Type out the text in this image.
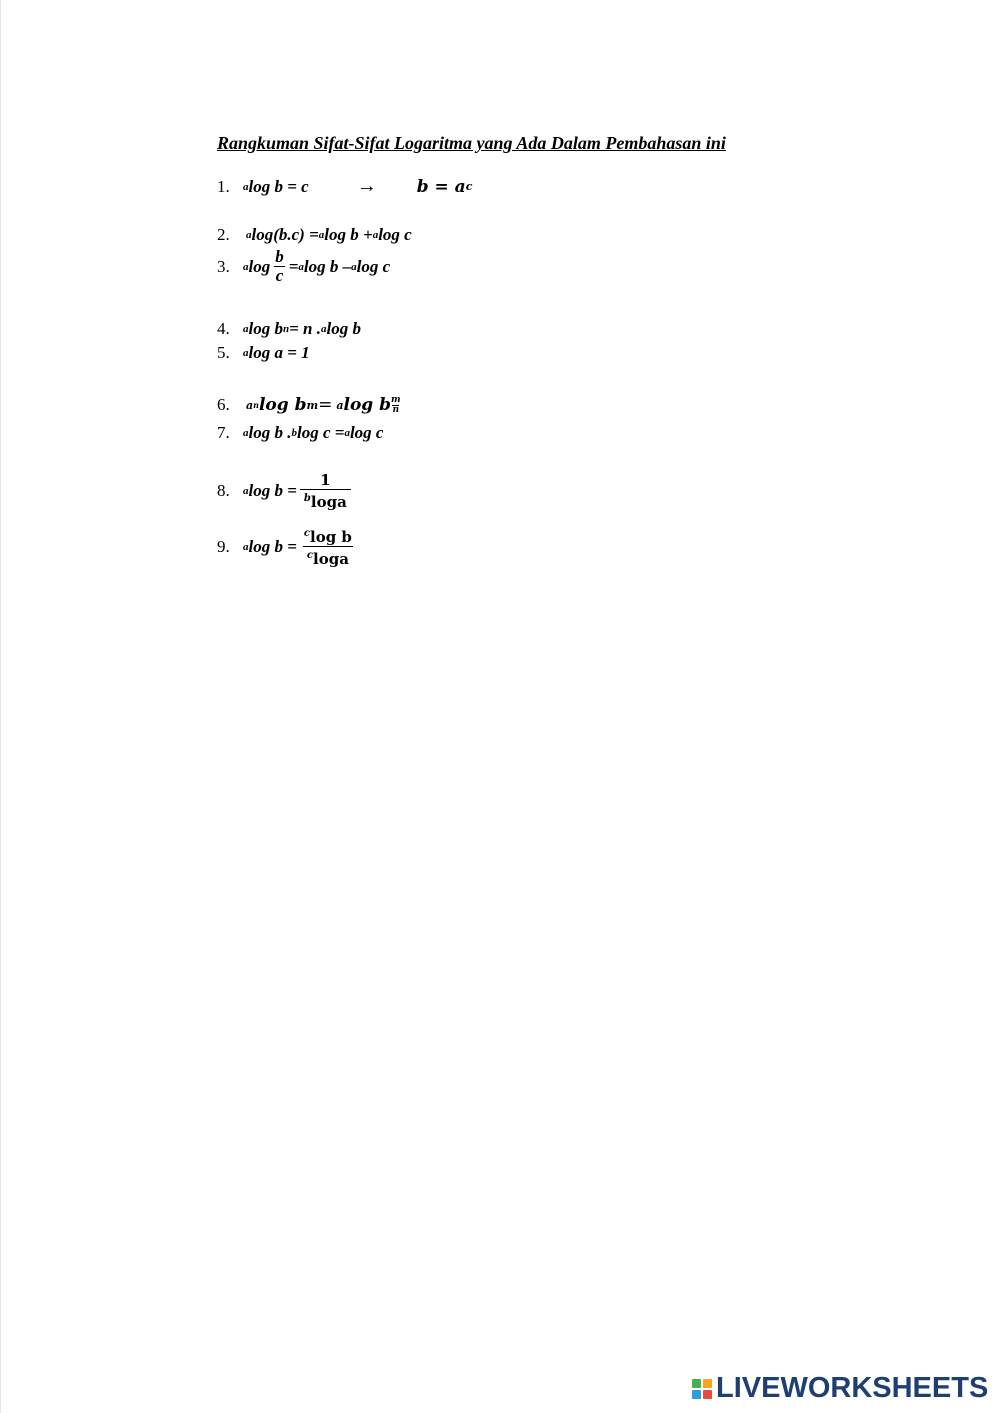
Rangkuman Sifat-Sifat Logaritma yang Ada Dalam Pembahasan ini
1.	a log b = c → b = a c
2.	a log(b.c) = a log b + a log c
3.	a $\log \frac{b}{c} = a$ log b – a log c
4.	a log b n = n . a log b
5.	a log a = 1
6.	a n log b m = a log b $\frac{m}{n}$
7.	a log b . b log c = a log c
8.	a $\log b = \frac{1}{^b\log a}$
9.	a $\log b = \frac{^c\log b}{^c\log a}$
LIVEWORKSHEETS
